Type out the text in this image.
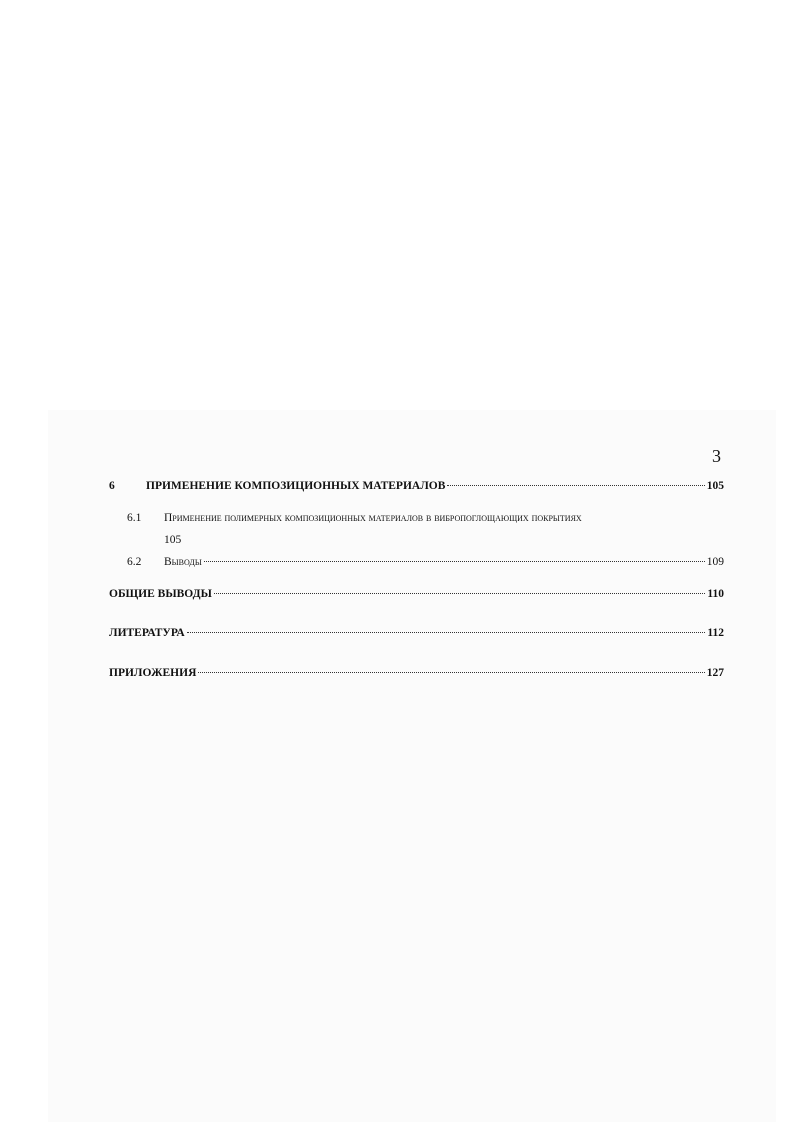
3
6	ПРИМЕНЕНИЕ КОМПОЗИЦИОННЫХ МАТЕРИАЛОВ	105
6.1	Применение полимерных композиционных материалов в вибропоглощающих покрытиях
105
6.2	Выводы	109
ОБЩИЕ ВЫВОДЫ	110
ЛИТЕРАТУРА	112
ПРИЛОЖЕНИЯ	127
